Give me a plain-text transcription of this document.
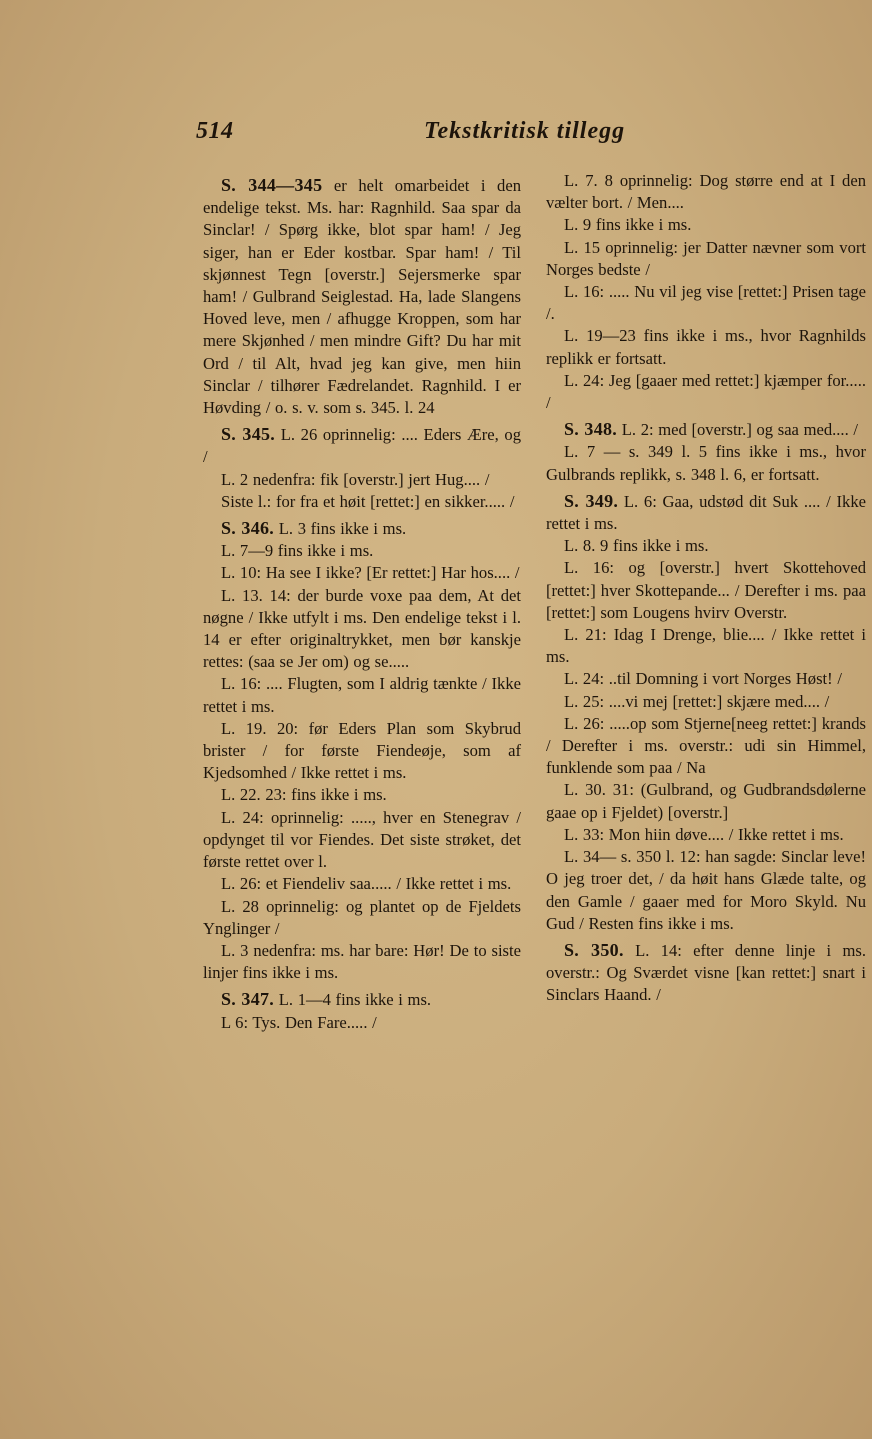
514	Tekstkritisk tillegg

S. 344—345 er helt omarbeidet i den endelige tekst. Ms. har: Ragnhild. Saa spar da Sinclar! / Spørg ikke, blot spar ham! / Jeg siger, han er Eder kostbar. Spar ham! / Til skjønnest Tegn [overstr.] Sejersmerke spar ham! / Gulbrand Seiglestad. Ha, lade Slangens Hoved leve, men / afhugge Kroppen, som har mere Skjønhed / men mindre Gift? Du har mit Ord / til Alt, hvad jeg kan give, men hiin Sinclar / tilhører Fædrelandet. Ragnhild. I er Høvding / o. s. v. som s. 345. l. 24

S. 345. L. 26 oprinnelig: .... Eders Ære, og /

L. 2 nedenfra: fik [overstr.] jert Hug.... /

Siste l.: for fra et høit [rettet:] en sikker..... /

S. 346. L. 3 fins ikke i ms.

L. 7—9 fins ikke i ms.

L. 10: Ha see I ikke? [Er rettet:] Har hos.... /

L. 13. 14: der burde voxe paa dem, At det nøgne / Ikke utfylt i ms. Den endelige tekst i l. 14 er efter originaltrykket, men bør kanskje rettes: (saa se Jer om) og se.....

L. 16: .... Flugten, som I aldrig tænkte / Ikke rettet i ms.

L. 19. 20: før Eders Plan som Skybrud brister / for første Fiendeøje, som af Kjedsomhed / Ikke rettet i ms.

L. 22. 23: fins ikke i ms.

L. 24: oprinnelig: ....., hver en Stenegrav / opdynget til vor Fiendes. Det siste strøket, det første rettet over l.

L. 26: et Fiendeliv saa..... / Ikke rettet i ms.

L. 28 oprinnelig: og plantet op de Fjeldets Ynglinger /

L. 3 nedenfra: ms. har bare: Hør! De to siste linjer fins ikke i ms.

S. 347. L. 1—4 fins ikke i ms.

L 6: Tys. Den Fare..... /

L. 7. 8 oprinnelig: Dog større end at I den vælter bort. / Men....

L. 9 fins ikke i ms.

L. 15 oprinnelig: jer Datter nævner som vort Norges bedste /

L. 16: ..... Nu vil jeg vise [rettet:] Prisen tage /.

L. 19—23 fins ikke i ms., hvor Ragnhilds replikk er fortsatt.

L. 24: Jeg [gaaer med rettet:] kjæmper for..... /

S. 348. L. 2: med [overstr.] og saa med.... /

L. 7 — s. 349 l. 5 fins ikke i ms., hvor Gulbrands replikk, s. 348 l. 6, er fortsatt.

S. 349. L. 6: Gaa, udstød dit Suk .... / Ikke rettet i ms.

L. 8. 9 fins ikke i ms.

L. 16: og [overstr.] hvert Skottehoved [rettet:] hver Skottepande... / Derefter i ms. paa [rettet:] som Lougens hvirv Overstr.

L. 21: Idag I Drenge, blie.... / Ikke rettet i ms.

L. 24: ..til Domning i vort Norges Høst! /

L. 25: ....vi mej [rettet:] skjære med.... /

L. 26: .....op som Stjerne[neeg rettet:] krands / Derefter i ms. overstr.: udi sin Himmel, funklende som paa / Na

L. 30. 31: (Gulbrand, og Gudbrandsdølerne gaae op i Fjeldet) [overstr.]

L. 33: Mon hiin døve.... / Ikke rettet i ms.

L. 34— s. 350 l. 12: han sagde: Sinclar leve! O jeg troer det, / da høit hans Glæde talte, og den Gamle / gaaer med for Moro Skyld. Nu Gud / Resten fins ikke i ms.

S. 350. L. 14: efter denne linje i ms. overstr.: Og Sværdet visne [kan rettet:] snart i Sinclars Haand. /
